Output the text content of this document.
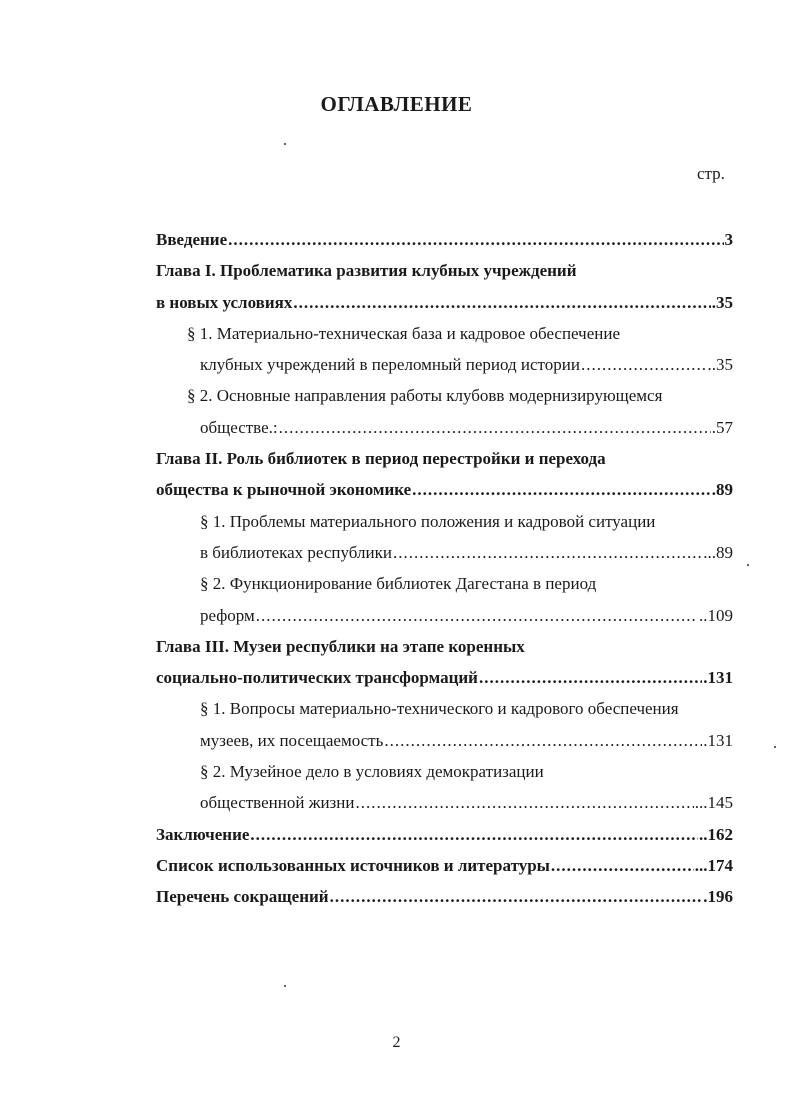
ОГЛАВЛЕНИЕ
стр.
Введение .....	3
Глава I. Проблематика развития клубных учреждений
в новых условиях .....	.35
§ 1. Материально-техническая база и кадровое обеспечение
клубных учреждений в переломный период истории .....	..35
§ 2. Основные направления работы клубовв модернизирующемся
обществе.: .....	.57
Глава II. Роль библиотек в период перестройки и перехода
общества к рыночной экономике .....	.89
§ 1. Проблемы материального положения и кадровой ситуации
в библиотеках республики .....	...89
§ 2. Функционирование библиотек Дагестана в период
реформ .....	..109
Глава III. Музеи республики на этапе коренных
социально-политических трансформаций .....	.131
§ 1. Вопросы материально-технического и кадрового обеспечения
музеев, их посещаемость .....	.131
§ 2. Музейное дело в условиях демократизации
общественной жизни .....	...145
Заключение .....	..162
Список использованных источников и литературы .....	...174
Перечень сокращений .....	.196
2
